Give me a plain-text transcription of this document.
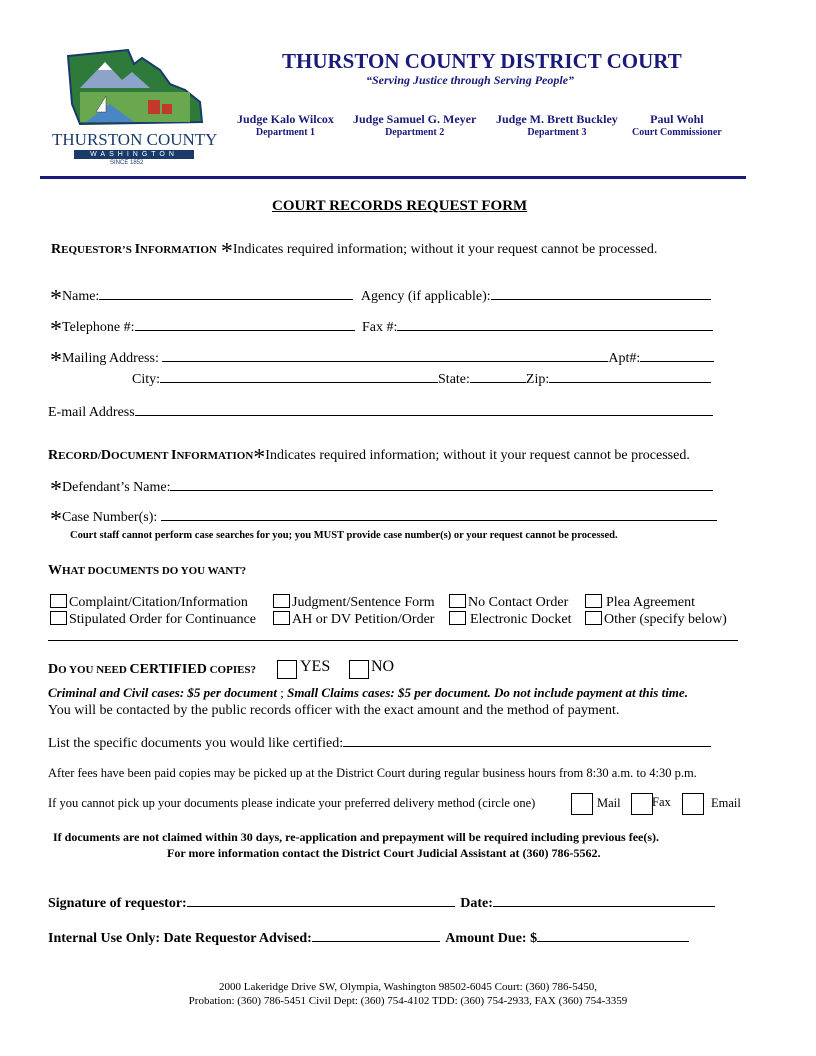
THURSTON COUNTY
WASHINGTON
SINCE 1852
THURSTON COUNTY DISTRICT COURT
“Serving Justice through Serving People”
Judge Kalo Wilcox
Department 1
Judge Samuel G. Meyer
Department 2
Judge M. Brett Buckley
Department 3
Paul Wohl
Court Commissioner
COURT RECORDS REQUEST FORM
REQUESTOR’S INFORMATION *Indicates required information; without it your request cannot be processed.
*Name:	Agency (if applicable):
*Telephone #:	Fax #:
*Mailing Address:	Apt#:
City:	State:	Zip:
E-mail Address
RECORD/DOCUMENT INFORMATION*Indicates required information; without it your request cannot be processed.
*Defendant’s Name:
*Case Number(s):
Court staff cannot perform case searches for you; you MUST provide case number(s) or your request cannot be processed.
WHAT DOCUMENTS DO YOU WANT?
Complaint/Citation/Information	Judgment/Sentence Form	No Contact Order	Plea Agreement
Stipulated Order for Continuance	AH or DV Petition/Order	Electronic Docket	Other (specify below)
DO YOU NEED CERTIFIED COPIES?	YES	NO
Criminal and Civil cases: $5 per document ; Small Claims cases: $5 per document. Do not include payment at this time.
You will be contacted by the public records officer with the exact amount and the method of payment.
List the specific documents you would like certified:
After fees have been paid copies may be picked up at the District Court during regular business hours from 8:30 a.m. to 4:30 p.m.
If you cannot pick up your documents please indicate your preferred delivery method (circle one)	Mail	Fax	Email
If documents are not claimed within 30 days, re-application and prepayment will be required including previous fee(s).
For more information contact the District Court Judicial Assistant at (360) 786-5562.
Signature of requestor:	Date:
Internal Use Only: Date Requestor Advised:	Amount Due: $
2000 Lakeridge Drive SW, Olympia, Washington 98502-6045 Court: (360) 786-5450,
Probation: (360) 786-5451 Civil Dept: (360) 754-4102 TDD: (360) 754-2933, FAX (360) 754-3359
